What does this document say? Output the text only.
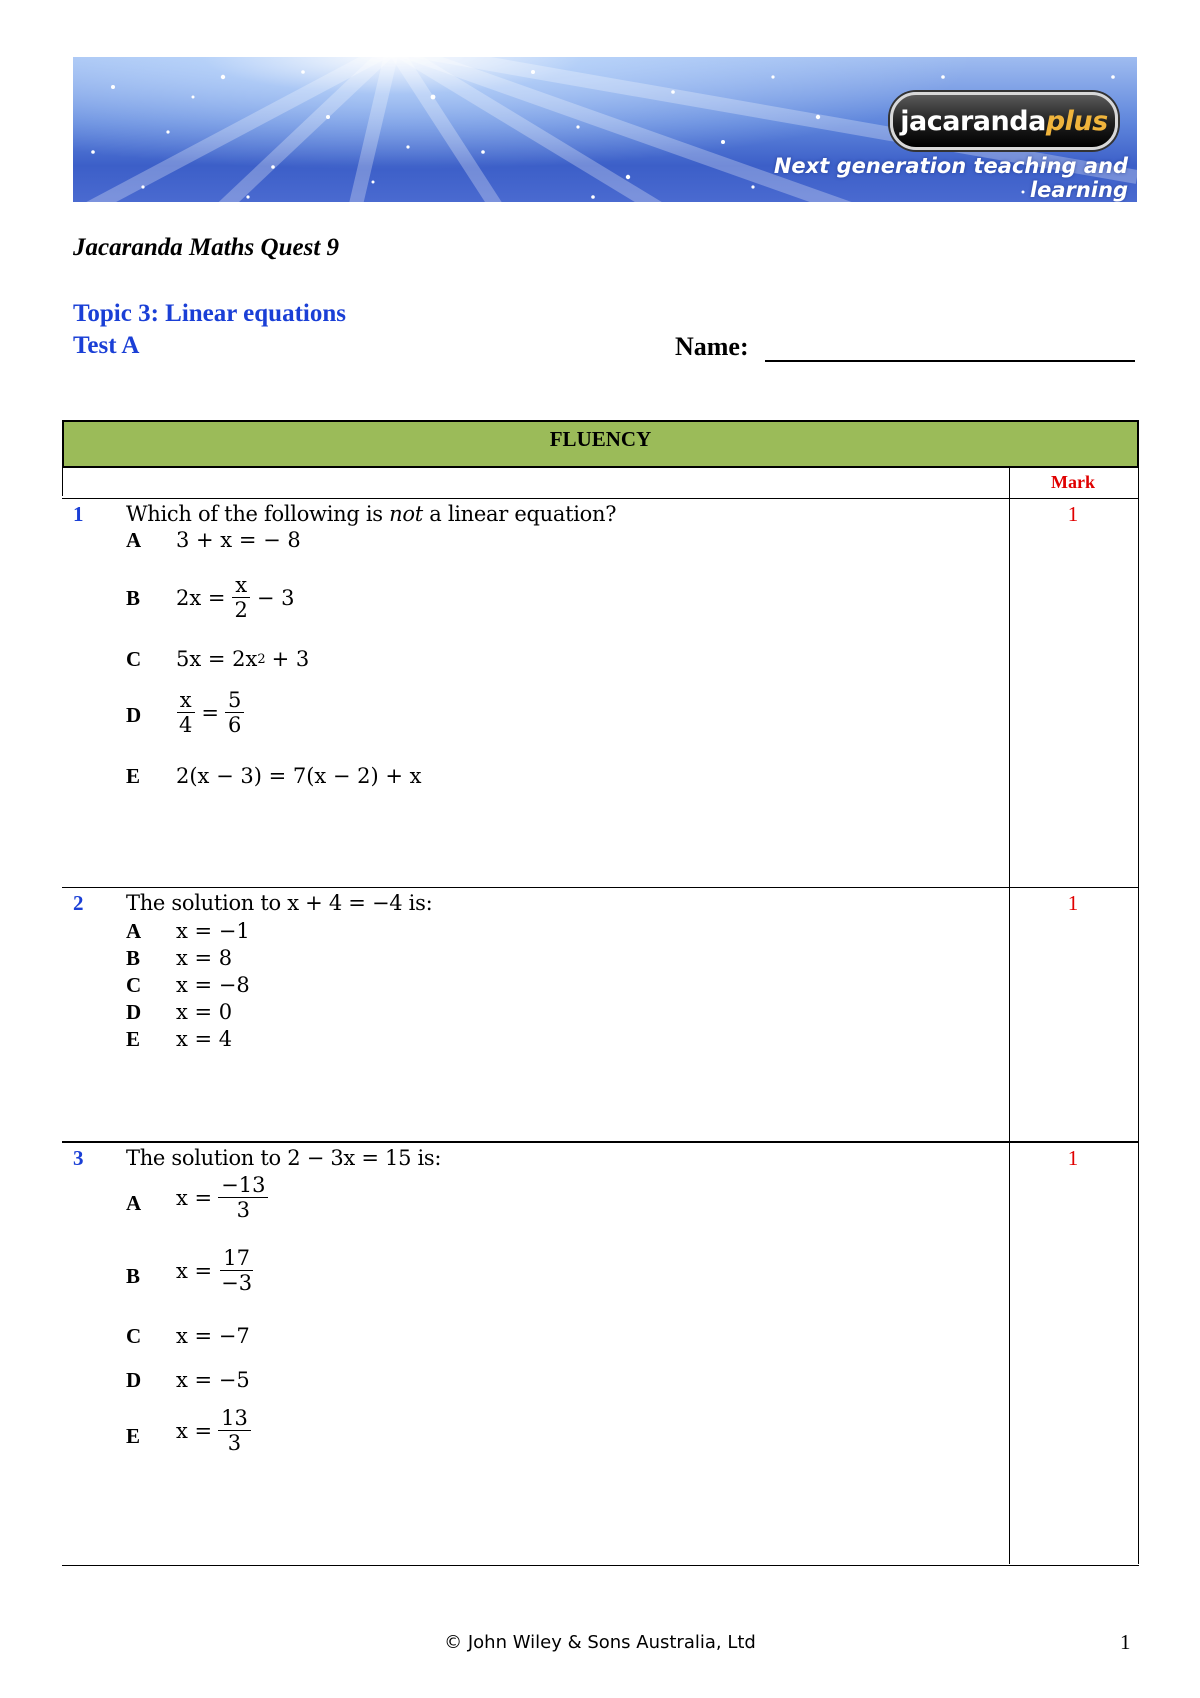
jacaranda plus
Next generation teaching and learning
Jacaranda Maths Quest 9
Topic 3: Linear equations
Test A	Name:
FLUENCY
Mark
1 Which of the following is not a linear equation?	1
A 3 + x = − 8
B $2x = \frac{x}{2} - 3$
C 5x = 2x 2 + 3
D $\frac{x}{4} = \frac{5}{6}$
E 2(x − 3) = 7(x − 2) + x
2 The solution to x + 4 = −4 is:	1
A x = −1
B x = 8
C x = −8
D x = 0
E x = 4
3 The solution to 2 − 3x = 15 is:	1
A $x = \frac{-13}{3}$
B $x = \frac{17}{-3}$
C x = −7
D x = −5
E $x = \frac{13}{3}$
© John Wiley & Sons Australia, Ltd	1
